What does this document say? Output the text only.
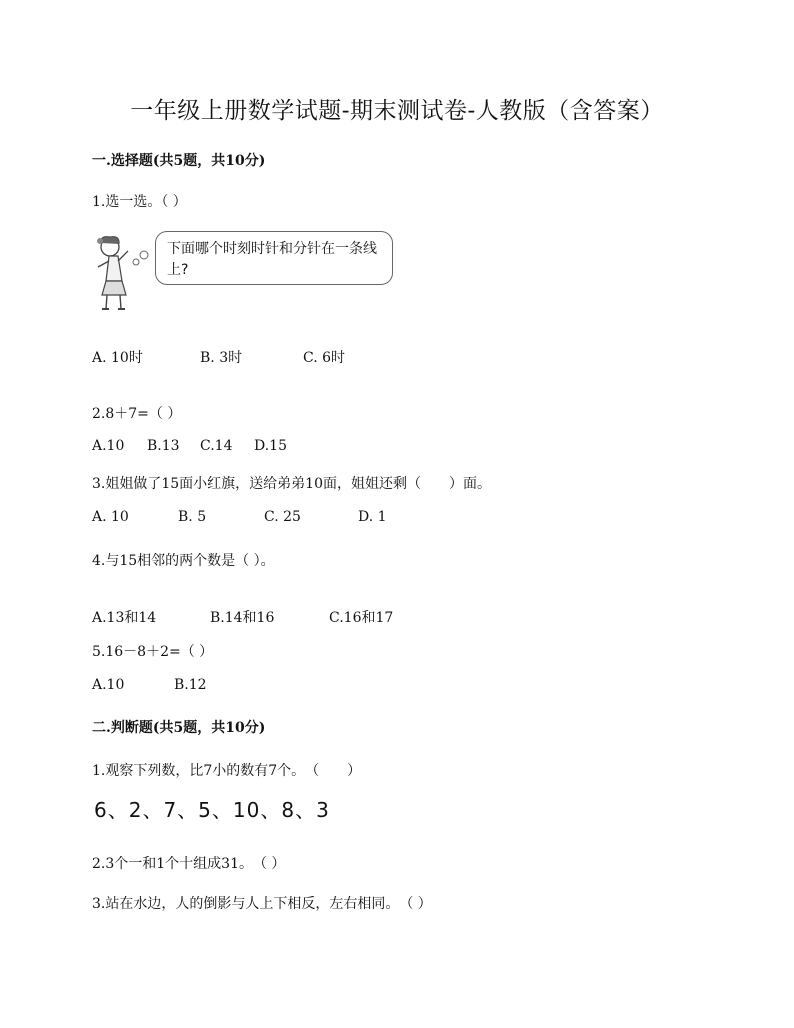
一年级上册数学试题-期末测试卷-人教版（含答案）
一.选择题(共5题，共10分)
1.选一选。（ ）
下面哪个时刻时针和分针在一条线上?
A. 10时	B. 3时	C. 6时
2.8＋7=（ ）
A.10 B.13 C.14 D.15
3.姐姐做了15面小红旗，送给弟弟10面，姐姐还剩（　　）面。
A. 10	B. 5	C. 25	D. 1
4.与15相邻的两个数是（ ）。
A.13和14	B.14和16	C.16和17
5.16－8＋2=（ ）
A.10	B.12
二.判断题(共5题，共10分)
1.观察下列数，比7小的数有7个。　（　　）
6、2、7、5、10、8、3
2.3个一和1个十组成31。　（ ）
3.站在水边，人的倒影与人上下相反，左右相同。　（ ）
